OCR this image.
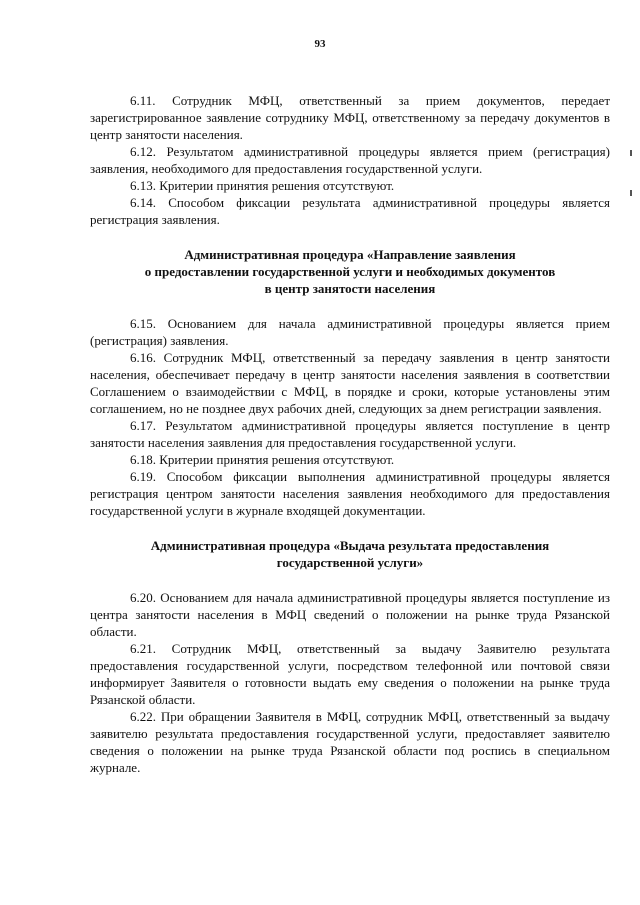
93

6.11. Сотрудник МФЦ, ответственный за прием документов, передает зарегистрированное заявление сотруднику МФЦ, ответственному за передачу документов в центр занятости населения.

6.12. Результатом административной процедуры является прием (регистрация) заявления, необходимого для предоставления государственной услуги.

6.13. Критерии принятия решения отсутствуют.

6.14. Способом фиксации результата административной процедуры является регистрация заявления.

Административная процедура «Направление заявления
о предоставлении государственной услуги и необходимых документов
в центр занятости населения

6.15. Основанием для начала административной процедуры является прием (регистрация) заявления.

6.16. Сотрудник МФЦ, ответственный за передачу заявления в центр занятости населения, обеспечивает передачу в центр занятости населения заявления в соответствии Соглашением о взаимодействии с МФЦ, в порядке и сроки, которые установлены этим соглашением, но не позднее двух рабочих дней, следующих за днем регистрации заявления.

6.17. Результатом административной процедуры является поступление в центр занятости населения заявления для предоставления государственной услуги.

6.18. Критерии принятия решения отсутствуют.

6.19. Способом фиксации выполнения административной процедуры является регистрация центром занятости населения заявления необходимого для предоставления государственной услуги в журнале входящей документации.

Административная процедура «Выдача результата предоставления
государственной услуги»

6.20. Основанием для начала административной процедуры является поступление из центра занятости населения в МФЦ сведений о положении на рынке труда Рязанской области.

6.21. Сотрудник МФЦ, ответственный за выдачу Заявителю результата предоставления государственной услуги, посредством телефонной или почтовой связи информирует Заявителя о готовности выдать ему сведения о положении на рынке труда Рязанской области.

6.22. При обращении Заявителя в МФЦ, сотрудник МФЦ, ответственный за выдачу заявителю результата предоставления государственной услуги, предоставляет заявителю сведения о положении на рынке труда Рязанской области под роспись в специальном журнале.
